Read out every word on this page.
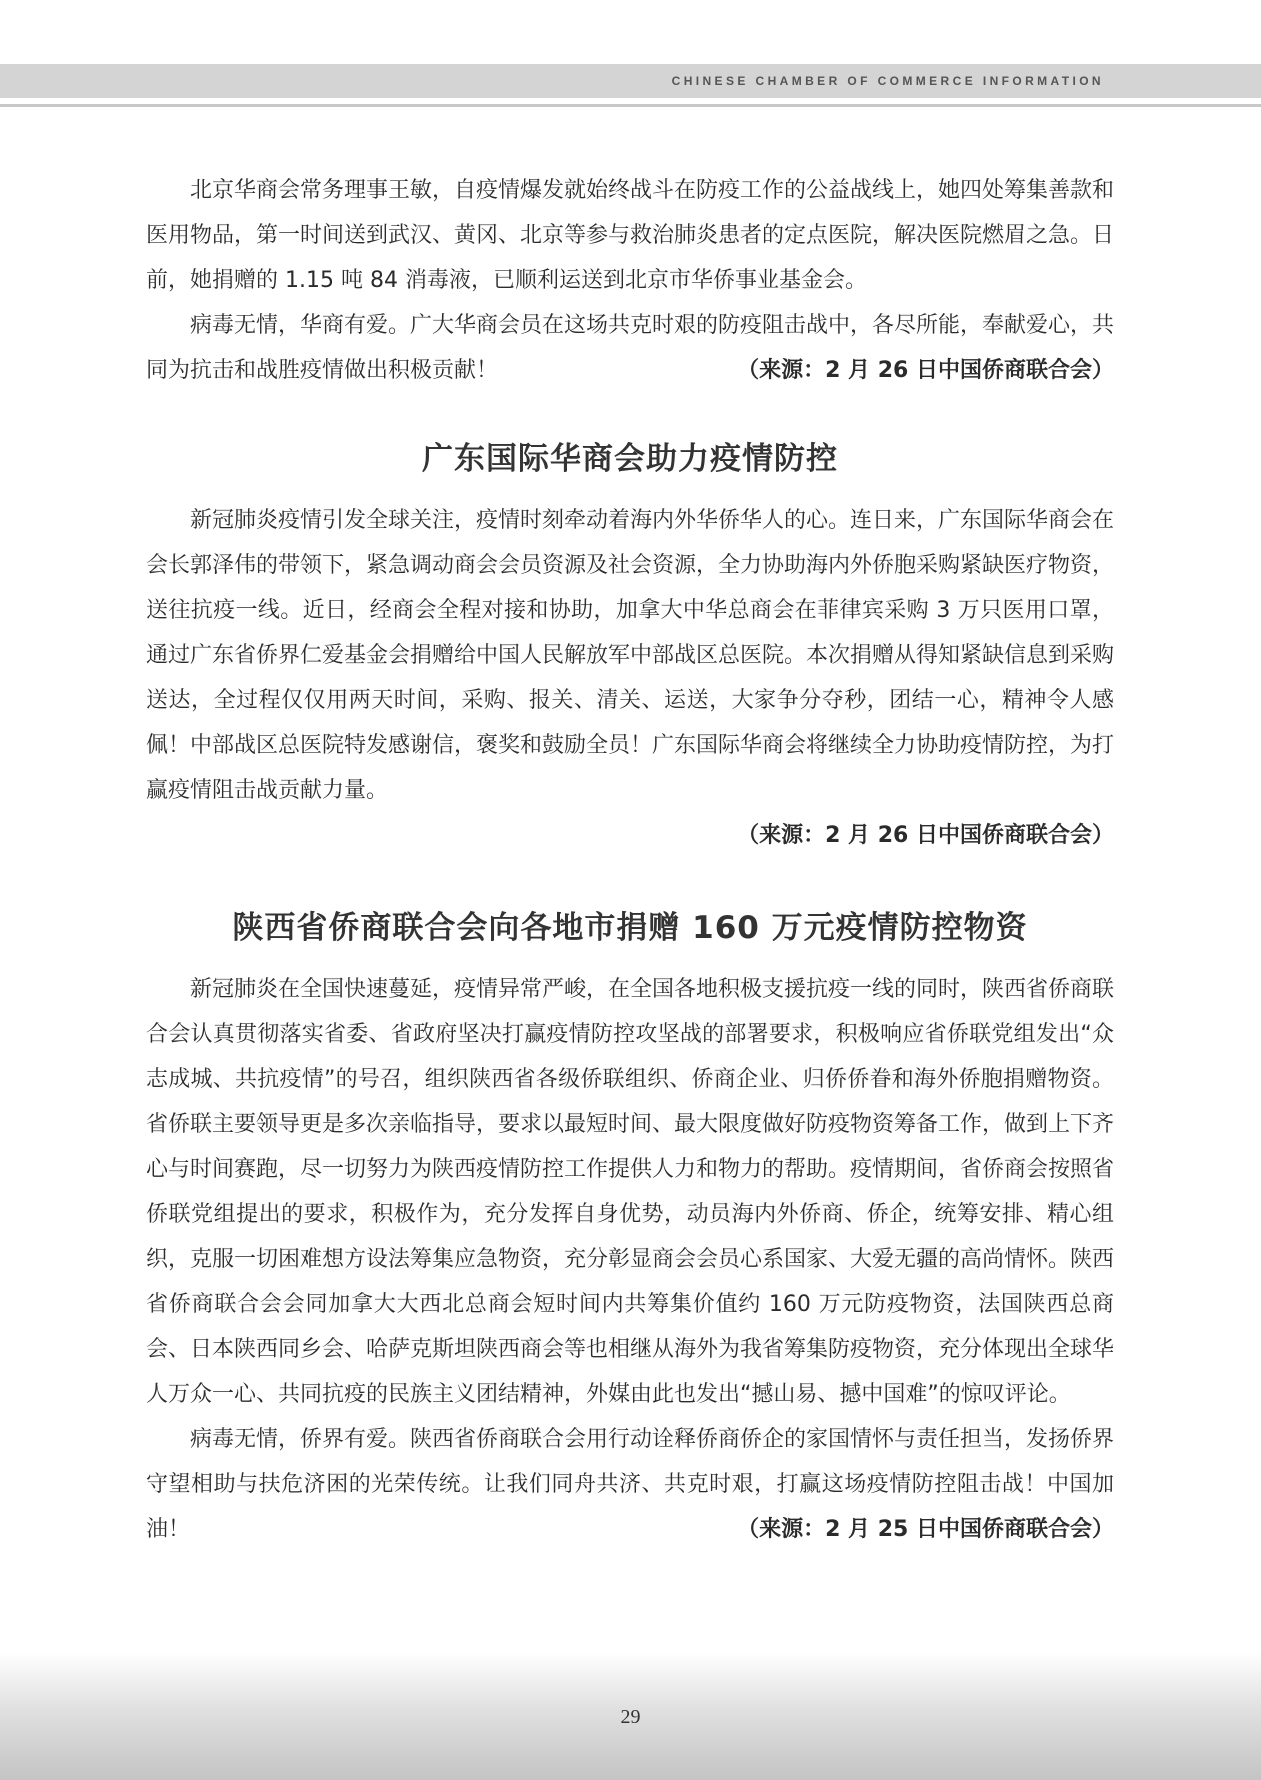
CHINESE CHAMBER OF COMMERCE INFORMATION

北京华商会常务理事王敏，自疫情爆发就始终战斗在防疫工作的公益战线上，她四处筹集善款和医用物品，第一时间送到武汉、黄冈、北京等参与救治肺炎患者的定点医院，解决医院燃眉之急。日前，她捐赠的 1.15 吨 84 消毒液，已顺利运送到北京市华侨事业基金会。

病毒无情，华商有爱。广大华商会员在这场共克时艰的防疫阻击战中，各尽所能，奉献爱心，共同为抗击和战胜疫情做出积极贡献！	（来源：2 月 26 日中国侨商联合会）

广东国际华商会助力疫情防控

新冠肺炎疫情引发全球关注，疫情时刻牵动着海内外华侨华人的心。连日来，广东国际华商会在会长郭泽伟的带领下，紧急调动商会会员资源及社会资源，全力协助海内外侨胞采购紧缺医疗物资，送往抗疫一线。近日，经商会全程对接和协助，加拿大中华总商会在菲律宾采购 3 万只医用口罩，通过广东省侨界仁爱基金会捐赠给中国人民解放军中部战区总医院。本次捐赠从得知紧缺信息到采购送达，全过程仅仅用两天时间，采购、报关、清关、运送，大家争分夺秒，团结一心，精神令人感佩！中部战区总医院特发感谢信，褒奖和鼓励全员！广东国际华商会将继续全力协助疫情防控，为打赢疫情阻击战贡献力量。

（来源：2 月 26 日中国侨商联合会）
陕西省侨商联合会向各地市捐赠 160 万元疫情防控物资

新冠肺炎在全国快速蔓延，疫情异常严峻，在全国各地积极支援抗疫一线的同时，陕西省侨商联合会认真贯彻落实省委、省政府坚决打赢疫情防控攻坚战的部署要求，积极响应省侨联党组发出“众志成城、共抗疫情”的号召，组织陕西省各级侨联组织、侨商企业、归侨侨眷和海外侨胞捐赠物资。省侨联主要领导更是多次亲临指导，要求以最短时间、最大限度做好防疫物资筹备工作，做到上下齐心与时间赛跑，尽一切努力为陕西疫情防控工作提供人力和物力的帮助。疫情期间，省侨商会按照省侨联党组提出的要求，积极作为，充分发挥自身优势，动员海内外侨商、侨企，统筹安排、精心组织，克服一切困难想方设法筹集应急物资，充分彰显商会会员心系国家、大爱无疆的高尚情怀。陕西省侨商联合会会同加拿大大西北总商会短时间内共筹集价值约 160 万元防疫物资，法国陕西总商会、日本陕西同乡会、哈萨克斯坦陕西商会等也相继从海外为我省筹集防疫物资，充分体现出全球华人万众一心、共同抗疫的民族主义团结精神，外媒由此也发出“撼山易、撼中国难”的惊叹评论。

病毒无情，侨界有爱。陕西省侨商联合会用行动诠释侨商侨企的家国情怀与责任担当，发扬侨界守望相助与扶危济困的光荣传统。让我们同舟共济、共克时艰，打赢这场疫情防控阻击战！中国加油！	（来源：2 月 25 日中国侨商联合会）

29
